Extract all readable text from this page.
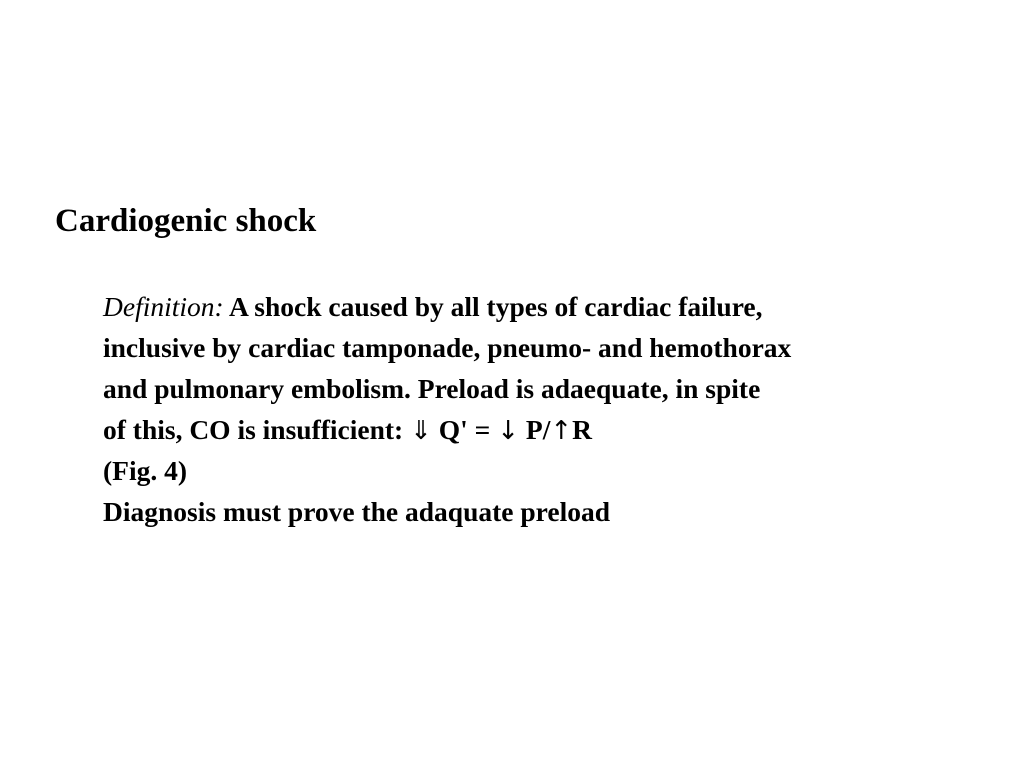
Cardiogenic shock
Definition: A shock caused by all types of cardiac failure,
inclusive by cardiac tamponade, pneumo- and hemothorax
and pulmonary embolism. Preload is adaequate, in spite
of this, CO is insufficient: ⇓ Q' = ↓ P/↑R
(Fig. 4)
Diagnosis must prove the adaquate preload
